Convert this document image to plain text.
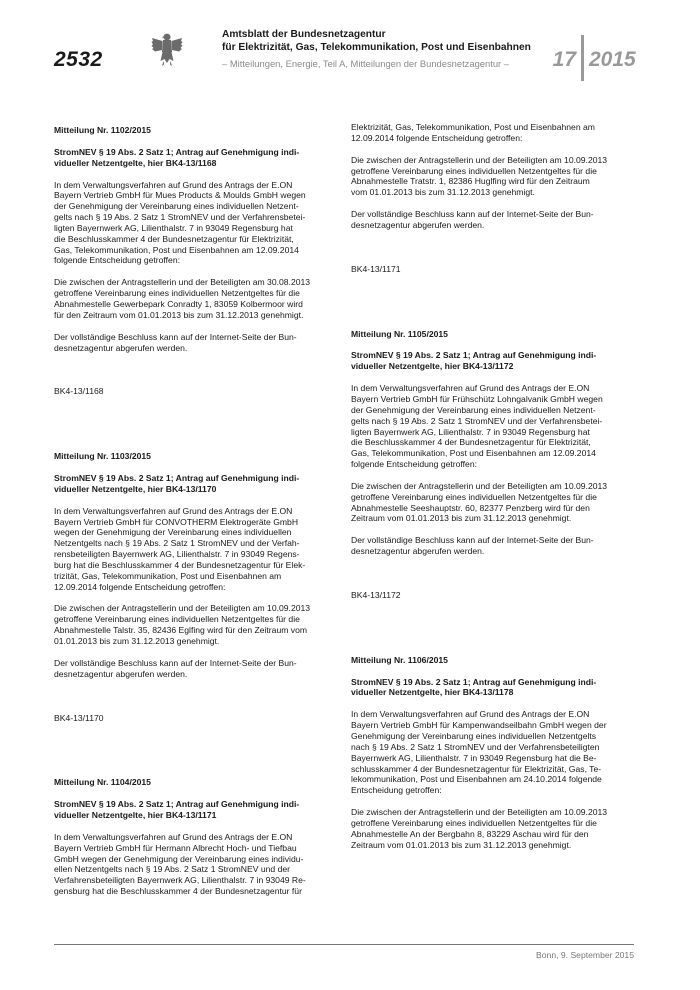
2532
Amtsblatt der Bundesnetzagentur
für Elektrizität, Gas, Telekommunikation, Post und Eisenbahnen
– Mitteilungen, Energie, Teil A, Mitteilungen der Bundesnetzagentur –	17 2015

Mitteilung Nr. 1102/2015

StromNEV § 19 Abs. 2 Satz 1; Antrag auf Genehmigung indi-
vidueller Netzentgelte, hier BK4-13/1168

In dem Verwaltungsverfahren auf Grund des Antrags der E.ON
Bayern Vertrieb GmbH für Mues Products & Moulds GmbH wegen
der Genehmigung der Vereinbarung eines individuellen Netzent-
gelts nach § 19 Abs. 2 Satz 1 StromNEV und der Verfahrensbetei-
ligten Bayernwerk AG, Lilienthalstr. 7 in 93049 Regensburg hat
die Beschlusskammer 4 der Bundesnetzagentur für Elektrizität,
Gas, Telekommunikation, Post und Eisenbahnen am 12.09.2014
folgende Entscheidung getroffen:

Die zwischen der Antragstellerin und der Beteiligten am 30.08.2013
getroffene Vereinbarung eines individuellen Netzentgeltes für die
Abnahmestelle Gewerbepark Conradty 1, 83059 Kolbermoor wird
für den Zeitraum vom 01.01.2013 bis zum 31.12.2013 genehmigt.

Der vollständige Beschluss kann auf der Internet-Seite der Bun-
desnetzagentur abgerufen werden.

BK4-13/1168

Mitteilung Nr. 1103/2015

StromNEV § 19 Abs. 2 Satz 1; Antrag auf Genehmigung indi-
vidueller Netzentgelte, hier BK4-13/1170

In dem Verwaltungsverfahren auf Grund des Antrags der E.ON
Bayern Vertrieb GmbH für CONVOTHERM Elektrogeräte GmbH
wegen der Genehmigung der Vereinbarung eines individuellen
Netzentgelts nach § 19 Abs. 2 Satz 1 StromNEV und der Verfah-
rensbeteiligten Bayernwerk AG, Lilienthalstr. 7 in 93049 Regens-
burg hat die Beschlusskammer 4 der Bundesnetzagentur für Elek-
trizität, Gas, Telekommunikation, Post und Eisenbahnen am
12.09.2014 folgende Entscheidung getroffen:

Die zwischen der Antragstellerin und der Beteiligten am 10.09.2013
getroffene Vereinbarung eines individuellen Netzentgeltes für die
Abnahmestelle Talstr. 35, 82436 Eglfing wird für den Zeitraum vom
01.01.2013 bis zum 31.12.2013 genehmigt.

Der vollständige Beschluss kann auf der Internet-Seite der Bun-
desnetzagentur abgerufen werden.

BK4-13/1170

Mitteilung Nr. 1104/2015

StromNEV § 19 Abs. 2 Satz 1; Antrag auf Genehmigung indi-
vidueller Netzentgelte, hier BK4-13/1171

In dem Verwaltungsverfahren auf Grund des Antrags der E.ON
Bayern Vertrieb GmbH für Hermann Albrecht Hoch- und Tiefbau
GmbH wegen der Genehmigung der Vereinbarung eines individu-
ellen Netzentgelts nach § 19 Abs. 2 Satz 1 StromNEV und der
Verfahrensbeteiligten Bayernwerk AG, Lilienthalstr. 7 in 93049 Re-
gensburg hat die Beschlusskammer 4 der Bundesnetzagentur für

Elektrizität, Gas, Telekommunikation, Post und Eisenbahnen am
12.09.2014 folgende Entscheidung getroffen:

Die zwischen der Antragstellerin und der Beteiligten am 10.09.2013
getroffene Vereinbarung eines individuellen Netzentgeltes für die
Abnahmestelle Tratstr. 1, 82386 Huglfing wird für den Zeitraum
vom 01.01.2013 bis zum 31.12.2013 genehmigt.

Der vollständige Beschluss kann auf der Internet-Seite der Bun-
desnetzagentur abgerufen werden.

BK4-13/1171

Mitteilung Nr. 1105/2015

StromNEV § 19 Abs. 2 Satz 1; Antrag auf Genehmigung indi-
vidueller Netzentgelte, hier BK4-13/1172

In dem Verwaltungsverfahren auf Grund des Antrags der E.ON
Bayern Vertrieb GmbH für Frühschütz Lohngalvanik GmbH wegen
der Genehmigung der Vereinbarung eines individuellen Netzent-
gelts nach § 19 Abs. 2 Satz 1 StromNEV und der Verfahrensbetei-
ligten Bayernwerk AG, Lilienthalstr. 7 in 93049 Regensburg hat
die Beschlusskammer 4 der Bundesnetzagentur für Elektrizität,
Gas, Telekommunikation, Post und Eisenbahnen am 12.09.2014
folgende Entscheidung getroffen:

Die zwischen der Antragstellerin und der Beteiligten am 10.09.2013
getroffene Vereinbarung eines individuellen Netzentgeltes für die
Abnahmestelle Seeshauptstr. 60, 82377 Penzberg wird für den
Zeitraum vom 01.01.2013 bis zum 31.12.2013 genehmigt.

Der vollständige Beschluss kann auf der Internet-Seite der Bun-
desnetzagentur abgerufen werden.

BK4-13/1172

Mitteilung Nr. 1106/2015

StromNEV § 19 Abs. 2 Satz 1; Antrag auf Genehmigung indi-
vidueller Netzentgelte, hier BK4-13/1178

In dem Verwaltungsverfahren auf Grund des Antrags der E.ON
Bayern Vertrieb GmbH für Kampenwandseilbahn GmbH wegen der
Genehmigung der Vereinbarung eines individuellen Netzentgelts
nach § 19 Abs. 2 Satz 1 StromNEV und der Verfahrensbeteiligten
Bayernwerk AG, Lilienthalstr. 7 in 93049 Regensburg hat die Be-
schlusskammer 4 der Bundesnetzagentur für Elektrizität, Gas, Te-
lekommunikation, Post und Eisenbahnen am 24.10.2014 folgende
Entscheidung getroffen:

Die zwischen der Antragstellerin und der Beteiligten am 10.09.2013
getroffene Vereinbarung eines individuellen Netzentgeltes für die
Abnahmestelle An der Bergbahn 8, 83229 Aschau wird für den
Zeitraum vom 01.01.2013 bis zum 31.12.2013 genehmigt.

Bonn, 9. September 2015
